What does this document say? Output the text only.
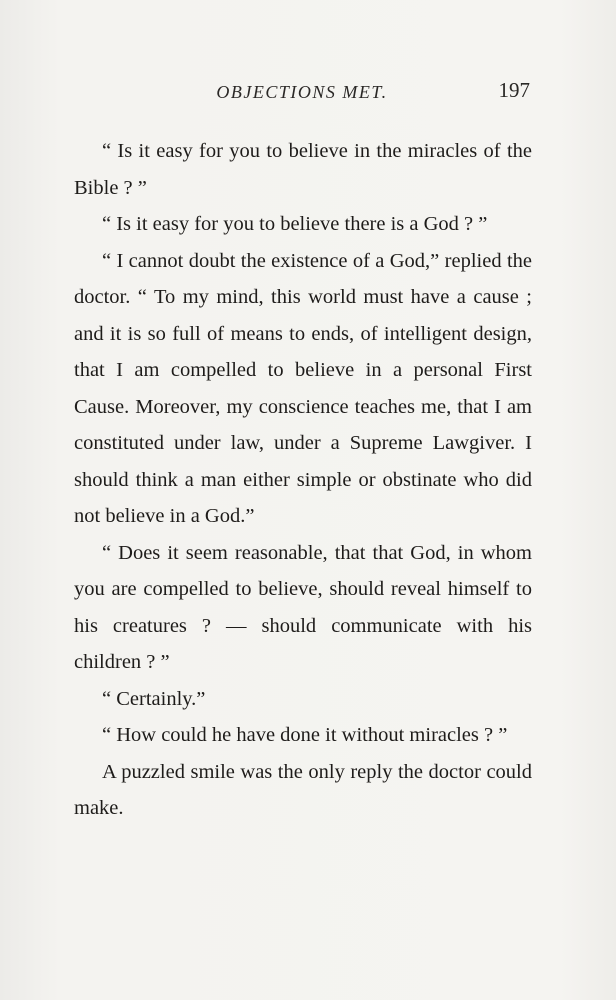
OBJECTIONS MET.	197

“ Is it easy for you to believe in the miracles of the Bible ? ”

“ Is it easy for you to believe there is a God ? ”

“ I cannot doubt the existence of a God,” replied the doctor. “ To my mind, this world must have a cause ; and it is so full of means to ends, of intelligent design, that I am compelled to believe in a personal First Cause. Moreover, my conscience teaches me, that I am constituted under law, under a Supreme Lawgiver. I should think a man either simple or obstinate who did not believe in a God.”

“ Does it seem reasonable, that that God, in whom you are compelled to believe, should reveal himself to his creatures ? — should communicate with his children ? ”

“ Certainly.”

“ How could he have done it without miracles ? ”

A puzzled smile was the only reply the doctor could make.
